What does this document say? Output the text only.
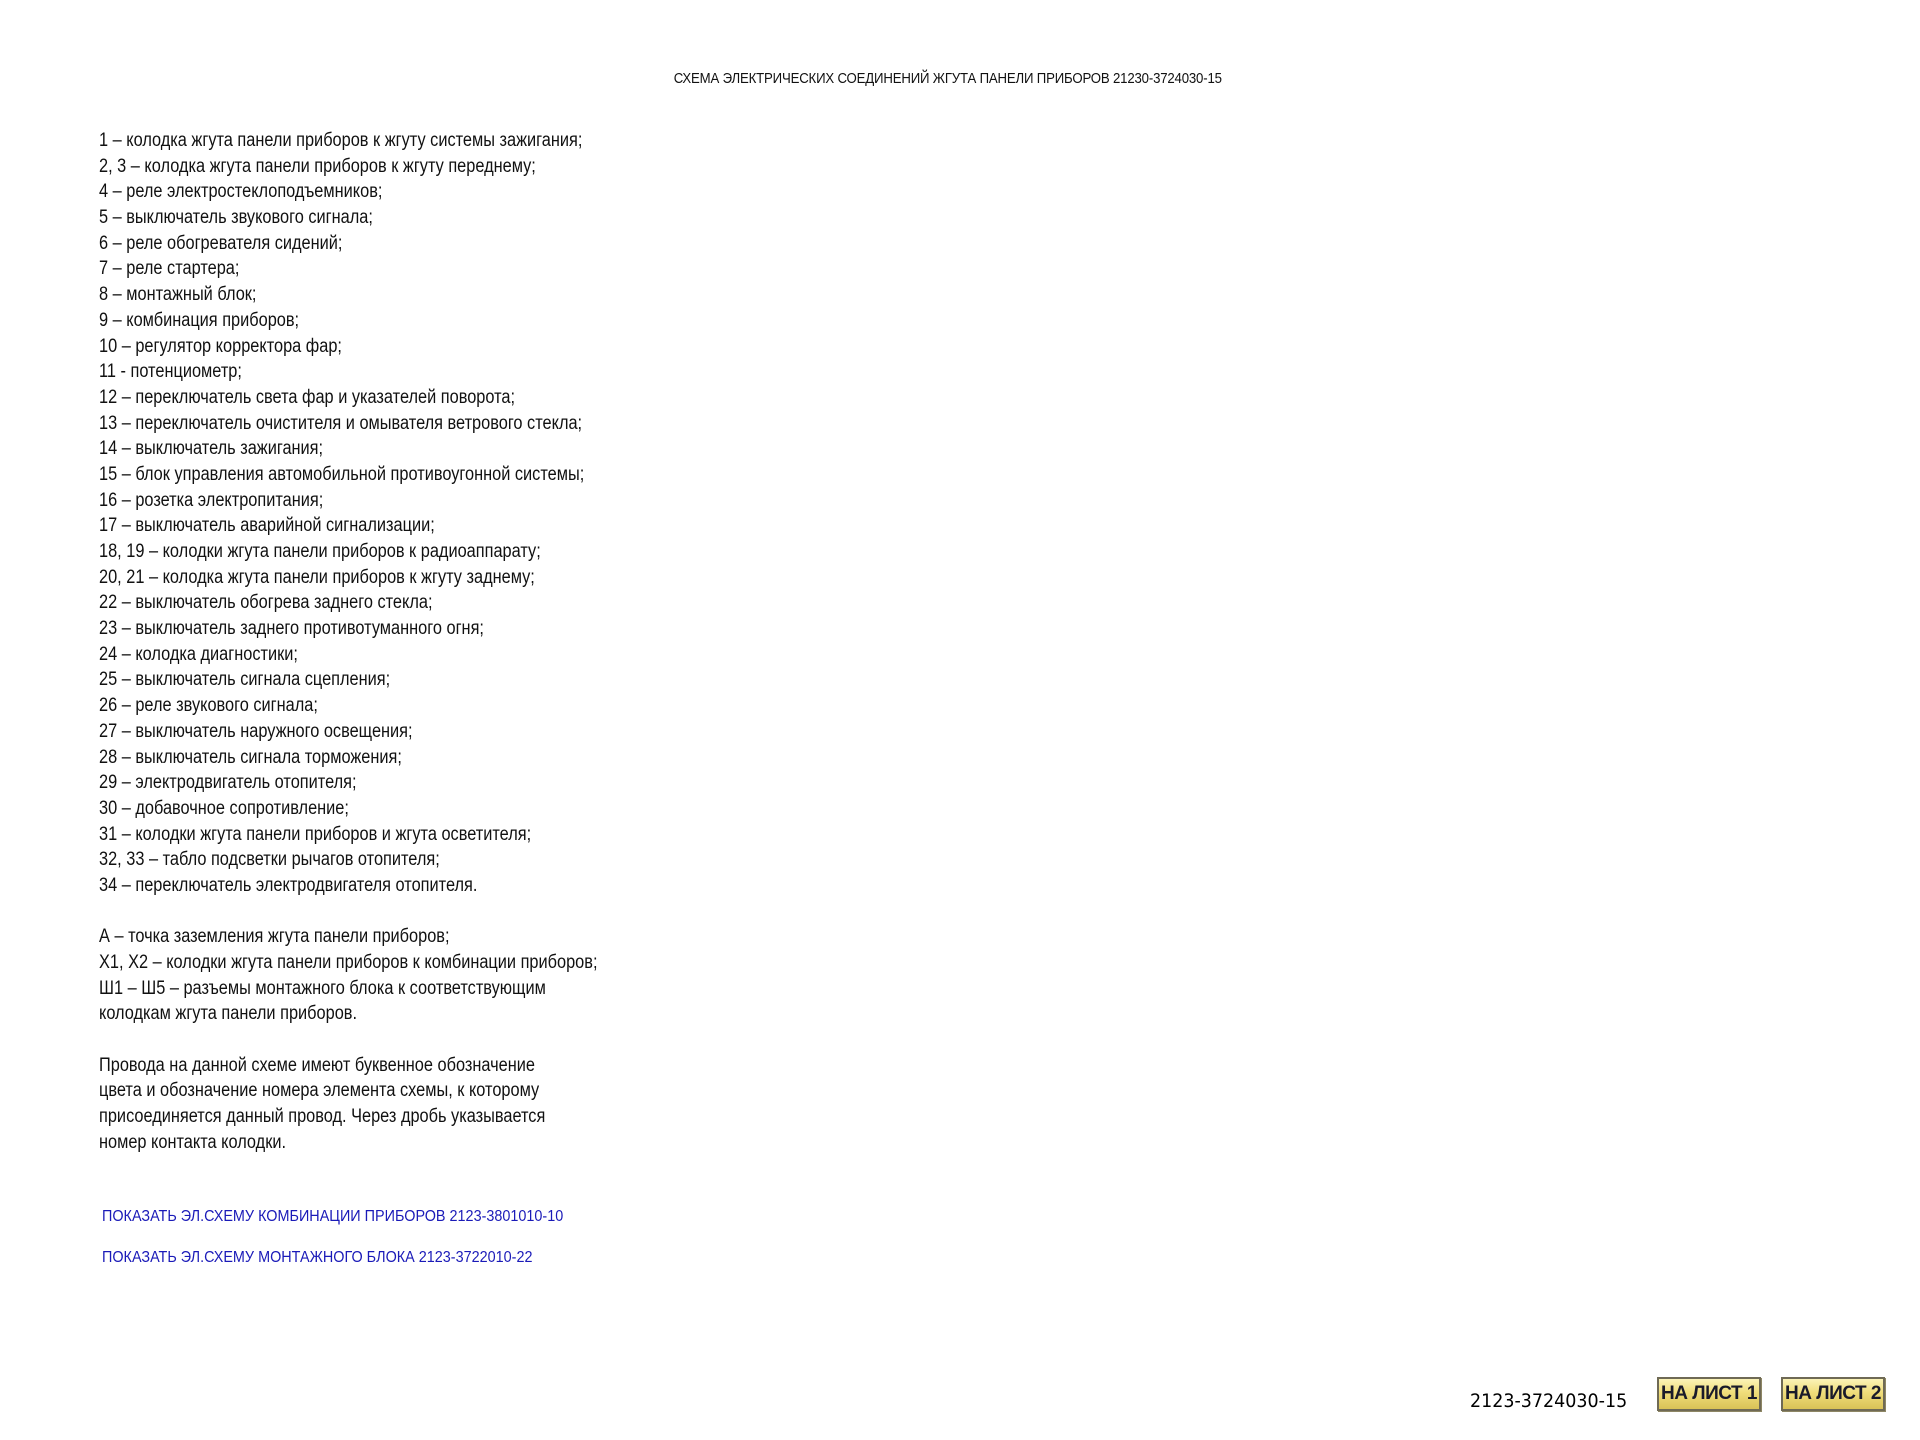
СХЕМА ЭЛЕКТРИЧЕСКИХ СОЕДИНЕНИЙ ЖГУТА ПАНЕЛИ ПРИБОРОВ 21230-3724030-15
1 – колодка жгута панели приборов к жгуту системы зажигания;
2, 3 – колодка жгута панели приборов к жгуту переднему;
4 – реле электростеклоподъемников;
5 – выключатель звукового сигнала;
6 – реле обогревателя сидений;
7 – реле стартера;
8 – монтажный блок;
9 – комбинация приборов;
10 – регулятор корректора фар;
11 - потенциометр;
12 – переключатель света фар и указателей поворота;
13 – переключатель очистителя и омывателя ветрового стекла;
14 – выключатель зажигания;
15 – блок управления автомобильной противоугонной системы;
16 – розетка электропитания;
17 – выключатель аварийной сигнализации;
18, 19 – колодки жгута панели приборов к радиоаппарату;
20, 21 – колодка жгута панели приборов к жгуту заднему;
22 – выключатель обогрева заднего стекла;
23 – выключатель заднего противотуманного огня;
24 – колодка диагностики;
25 – выключатель сигнала сцепления;
26 – реле звукового сигнала;
27 – выключатель наружного освещения;
28 – выключатель сигнала торможения;
29 – электродвигатель отопителя;
30 – добавочное сопротивление;
31 – колодки жгута панели приборов и жгута осветителя;
32, 33 – табло подсветки рычагов отопителя;
34 – переключатель электродвигателя отопителя.
А – точка заземления жгута панели приборов;
Х1, Х2 – колодки жгута панели приборов к комбинации приборов;
Ш1 – Ш5 – разъемы монтажного блока к соответствующим
колодкам жгута панели приборов.
Провода на данной схеме имеют буквенное обозначение
цвета и обозначение номера элемента схемы, к которому
присоединяется данный провод. Через дробь указывается
номер контакта колодки.
ПОКАЗАТЬ ЭЛ.СХЕМУ КОМБИНАЦИИ ПРИБОРОВ 2123-3801010-10
ПОКАЗАТЬ ЭЛ.СХЕМУ МОНТАЖНОГО БЛОКА 2123-3722010-22
2123-3724030-15 НА ЛИСТ 1 НА ЛИСТ 2
